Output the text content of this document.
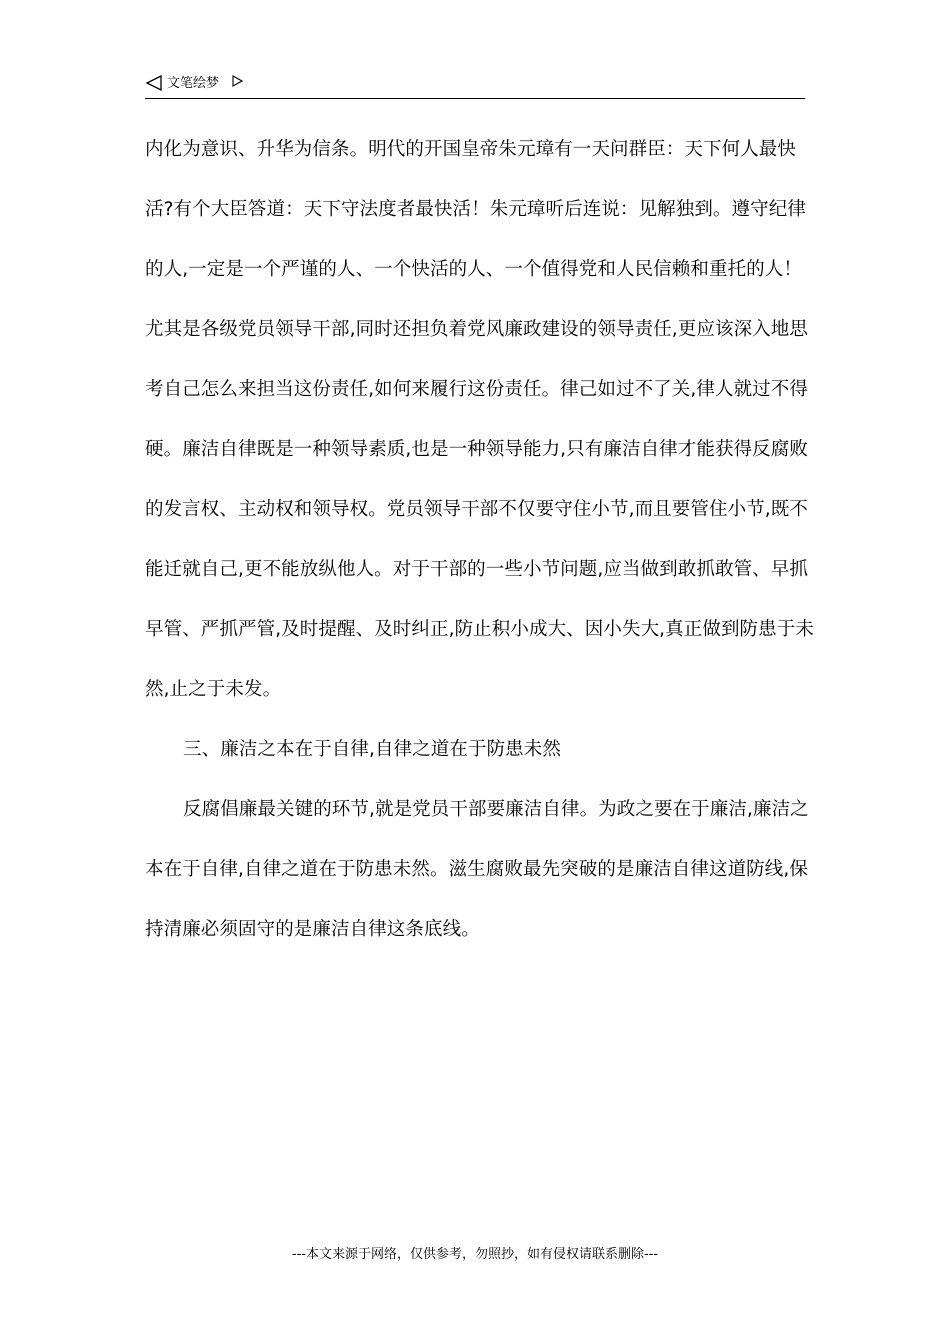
文笔绘梦

内化为意识、升华为信条。明代的开国皇帝朱元璋有一天问群臣：天下何人最快活?有个大臣答道：天下守法度者最快活！朱元璋听后连说：见解独到。遵守纪律的人,一定是一个严谨的人、一个快活的人、一个值得党和人民信赖和重托的人！尤其是各级党员领导干部,同时还担负着党风廉政建设的领导责任,更应该深入地思考自己怎么来担当这份责任,如何来履行这份责任。律己如过不了关,律人就过不得硬。廉洁自律既是一种领导素质,也是一种领导能力,只有廉洁自律才能获得反腐败的发言权、主动权和领导权。党员领导干部不仅要守住小节,而且要管住小节,既不能迁就自己,更不能放纵他人。对于干部的一些小节问题,应当做到敢抓敢管、早抓早管、严抓严管,及时提醒、及时纠正,防止积小成大、因小失大,真正做到防患于未然,止之于未发。

三、廉洁之本在于自律,自律之道在于防患未然

反腐倡廉最关键的环节,就是党员干部要廉洁自律。为政之要在于廉洁,廉洁之本在于自律,自律之道在于防患未然。滋生腐败最先突破的是廉洁自律这道防线,保持清廉必须固守的是廉洁自律这条底线。

---本文来源于网络，仅供参考，勿照抄，如有侵权请联系删除---
